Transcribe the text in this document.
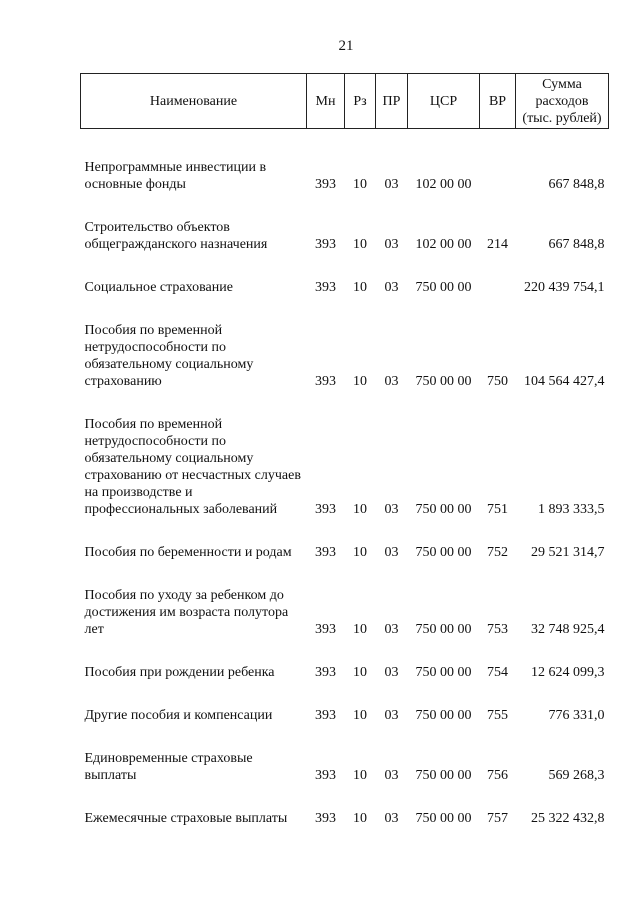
21
Наименование	Мн	Рз	ПР	ЦСР	ВР	Сумма
расходов
(тыс. рублей)

Непрограммные инвестиции в основные фонды	393	10	03	102 00 00		667 848,8

Строительство объектов общегражданского назначения	393	10	03	102 00 00	214	667 848,8

Социальное страхование	393	10	03	750 00 00		220 439 754,1

Пособия по временной нетрудоспособности по обязательному социальному страхованию	393	10	03	750 00 00	750	104 564 427,4

Пособия по временной нетрудоспособности по обязательному социальному страхованию от несчастных случаев на производстве и профессиональных заболеваний	393	10	03	750 00 00	751	1 893 333,5

Пособия по беременности и родам	393	10	03	750 00 00	752	29 521 314,7

Пособия по уходу за ребенком до достижения им возраста полутора лет	393	10	03	750 00 00	753	32 748 925,4

Пособия при рождении ребенка	393	10	03	750 00 00	754	12 624 099,3

Другие пособия и компенсации	393	10	03	750 00 00	755	776 331,0

Единовременные страховые выплаты	393	10	03	750 00 00	756	569 268,3

Ежемесячные страховые выплаты	393	10	03	750 00 00	757	25 322 432,8
